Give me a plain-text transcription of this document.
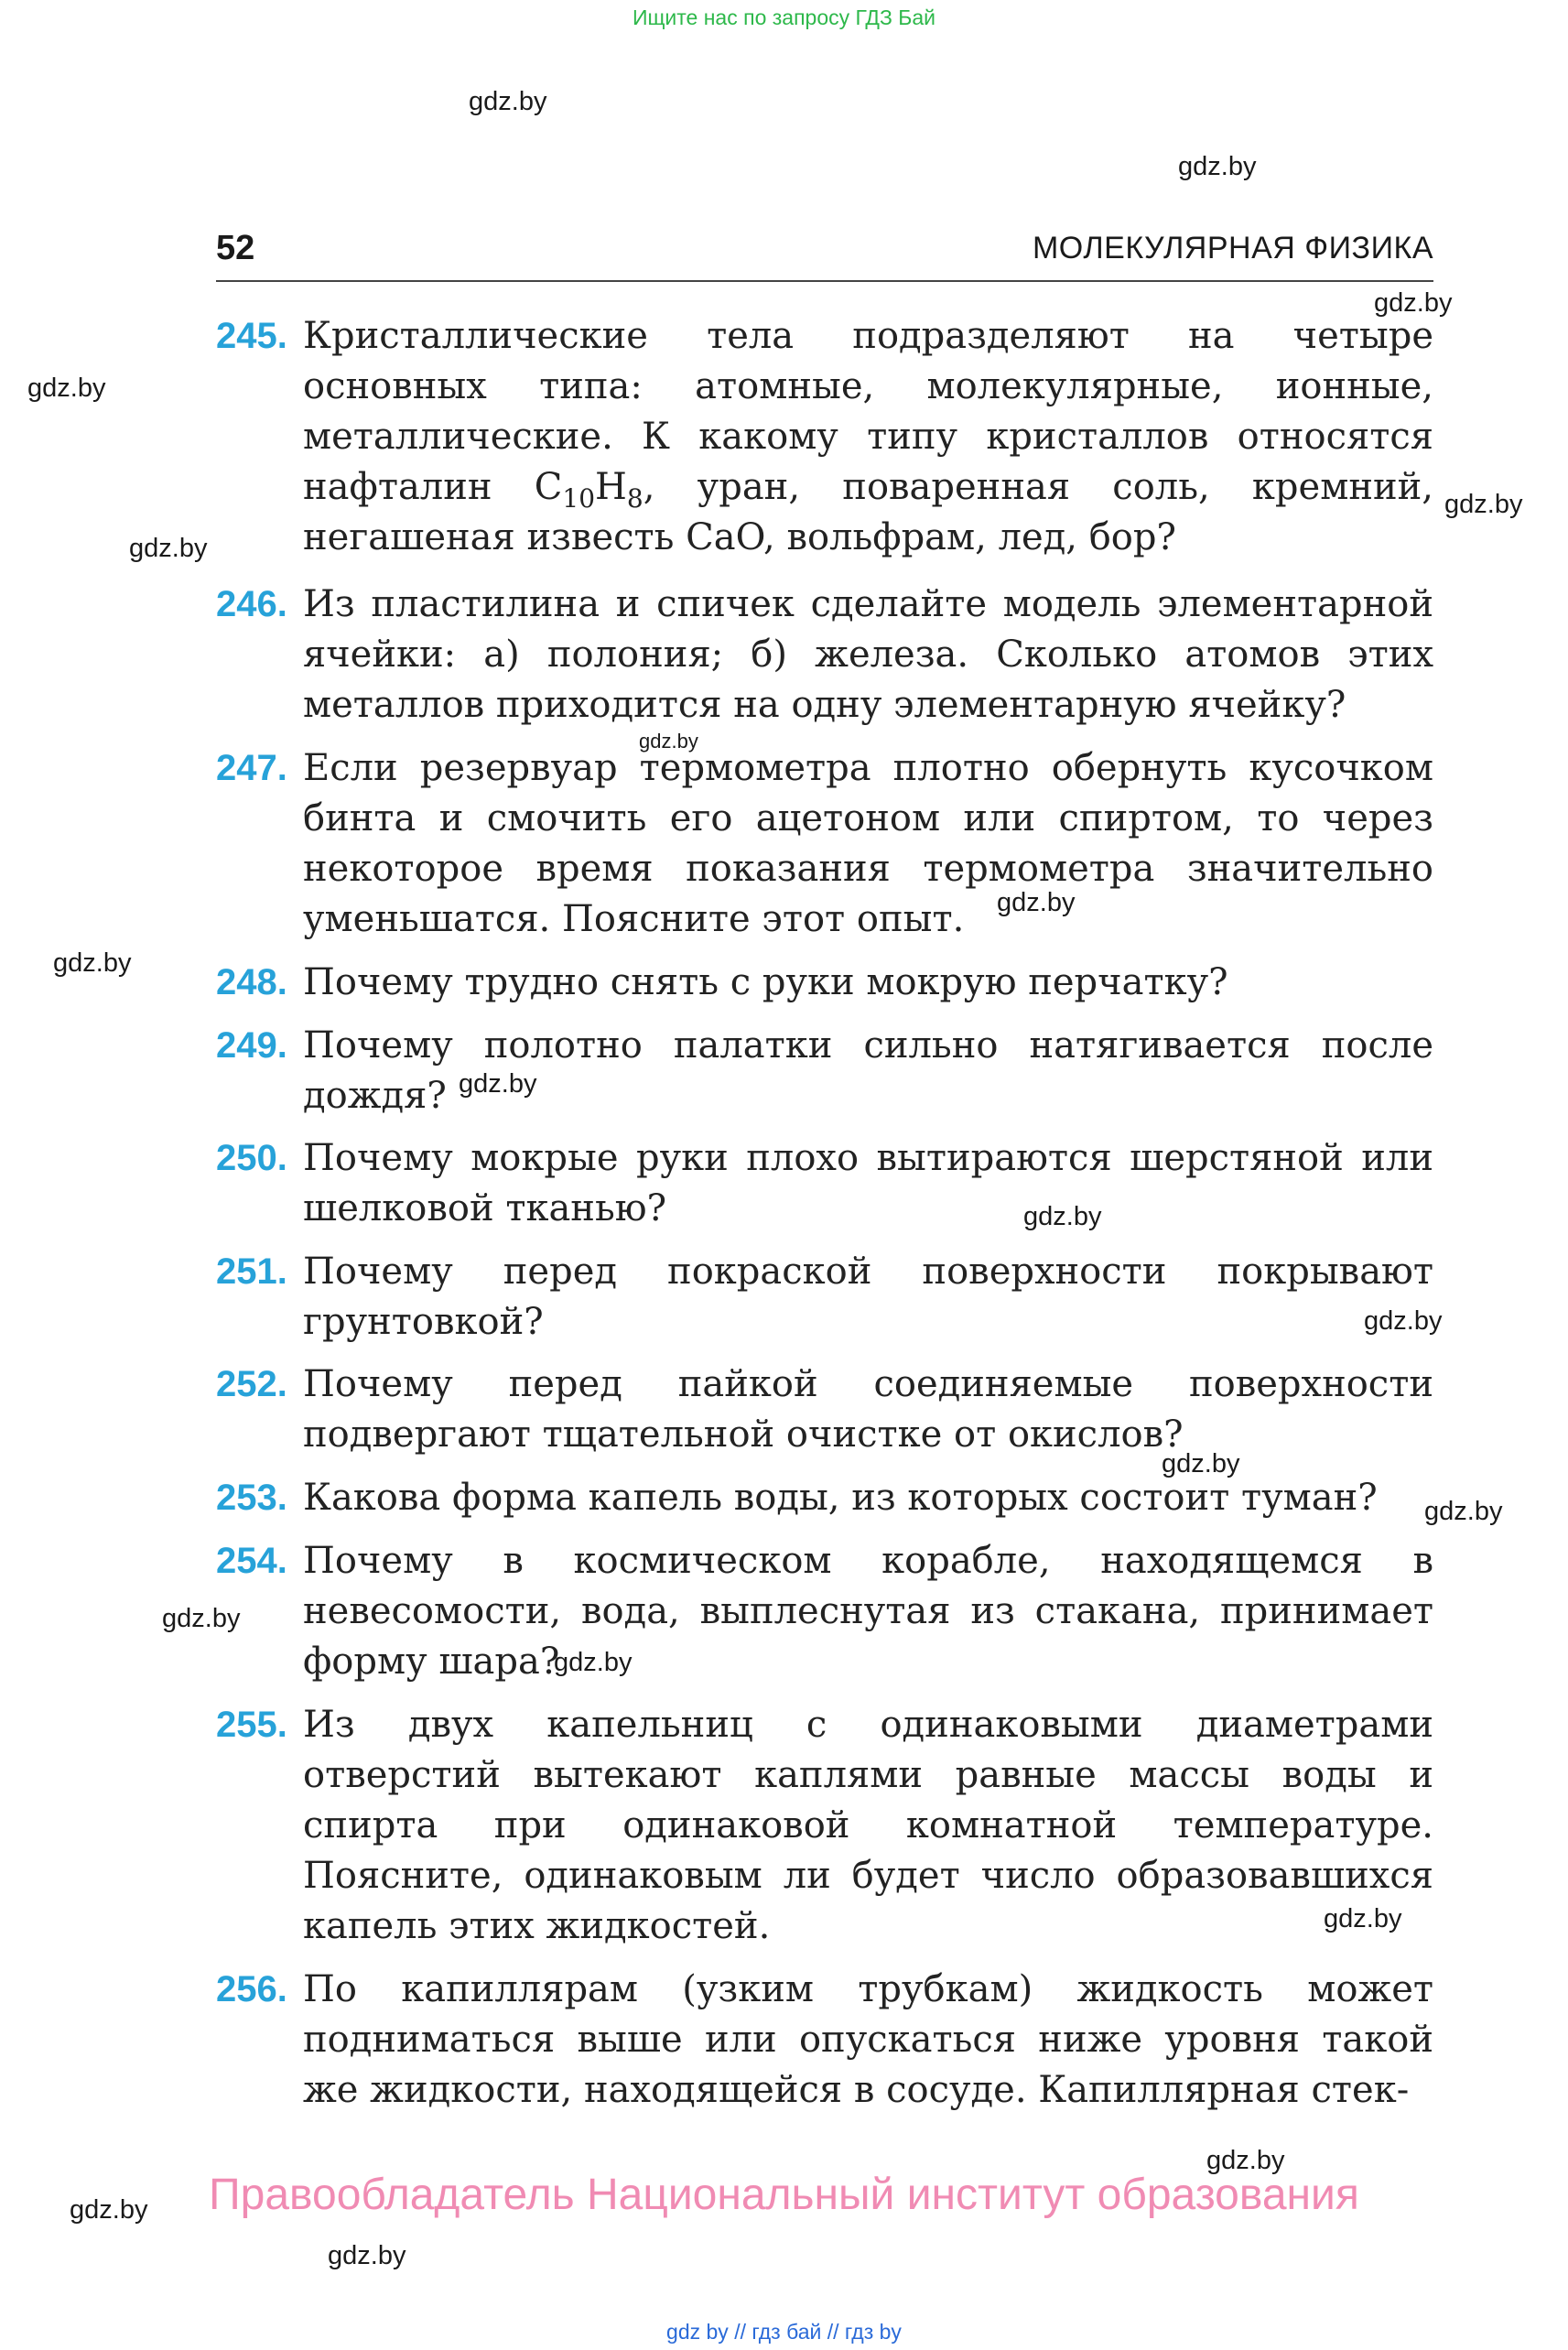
Ищите нас по запросу ГДЗ Бай
52	МОЛЕКУЛЯРНАЯ ФИЗИКА
245. Кристаллические тела подразделяют на четыре основных типа: атомные, молекулярные, ионные, металлические. К какому типу кристаллов относятся нафталин $C_{10}H_8$, уран, поваренная соль, кремний, негашеная известь CaO, вольфрам, лед, бор?
246. Из пластилина и спичек сделайте модель элементарной ячейки: а) полония; б) железа. Сколько атомов этих металлов приходится на одну элементарную ячейку?
247. Если резервуар термометра плотно обернуть кусочком бинта и смочить его ацетоном или спиртом, то через некоторое время показания термометра значительно уменьшатся. Поясните этот опыт.
248. Почему трудно снять с руки мокрую перчатку?
249. Почему полотно палатки сильно натягивается после дождя?
250. Почему мокрые руки плохо вытираются шерстяной или шелковой тканью?
251. Почему перед покраской поверхности покрывают грунтовкой?
252. Почему перед пайкой соединяемые поверхности подвергают тщательной очистке от окислов?
253. Какова форма капель воды, из которых состоит туман?
254. Почему в космическом корабле, находящемся в невесомости, вода, выплеснутая из стакана, принимает форму шара?
255. Из двух капельниц с одинаковыми диаметрами отверстий вытекают каплями равные массы воды и спирта при одинаковой комнатной температуре. Поясните, одинаковым ли будет число образовавшихся капель этих жидкостей.
256. По капиллярам (узким трубкам) жидкость может подниматься выше или опускаться ниже уровня такой же жидкости, находящейся в сосуде. Капиллярная стек-
Правообладатель Национальный институт образования
gdz.by
gdz.by
gdz.by
gdz.by
gdz.by
gdz.by
gdz.by
gdz.by
gdz.by
gdz.by
gdz.by
gdz.by
gdz.by
gdz.by
gdz.by
gdz.by
gdz.by
gdz.by
gdz.by
gdz.by
gdz by // гдз бай // гдз by
